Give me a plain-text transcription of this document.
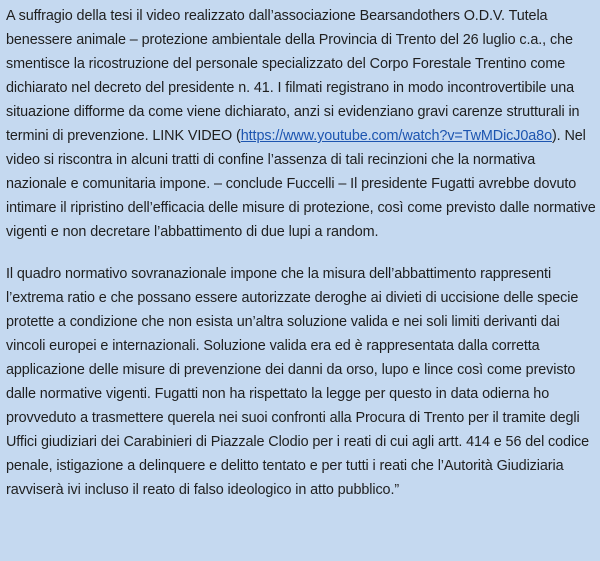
A suffragio della tesi il video realizzato dall’associazione Bearsandothers O.D.V. Tutela benessere animale – protezione ambientale della Provincia di Trento del 26 luglio c.a., che smentisce la ricostruzione del personale specializzato del Corpo Forestale Trentino come dichiarato nel decreto del presidente n. 41. I filmati registrano in modo incontrovertibile una situazione difforme da come viene dichiarato, anzi si evidenziano gravi carenze strutturali in termini di prevenzione. LINK VIDEO (https://www.youtube.com/watch?v=TwMDicJ0a8o). Nel video si riscontra in alcuni tratti di confine l’assenza di tali recinzioni che la normativa nazionale e comunitaria impone. – conclude Fuccelli – Il presidente Fugatti avrebbe dovuto intimare il ripristino dell’efficacia delle misure di protezione, così come previsto dalle normative vigenti e non decretare l’abbattimento di due lupi a random.

Il quadro normativo sovranazionale impone che la misura dell’abbattimento rappresenti l’extrema ratio e che possano essere autorizzate deroghe ai divieti di uccisione delle specie protette a condizione che non esista un’altra soluzione valida e nei soli limiti derivanti dai vincoli europei e internazionali. Soluzione valida era ed è rappresentata dalla corretta applicazione delle misure di prevenzione dei danni da orso, lupo e lince così come previsto dalle normative vigenti. Fugatti non ha rispettato la legge per questo in data odierna ho provveduto a trasmettere querela nei suoi confronti alla Procura di Trento per il tramite degli Uffici giudiziari dei Carabinieri di Piazzale Clodio per i reati di cui agli artt. 414 e 56 del codice penale, istigazione a delinquere e delitto tentato e per tutti i reati che l’Autorità Giudiziaria ravviserà ivi incluso il reato di falso ideologico in atto pubblico.”
